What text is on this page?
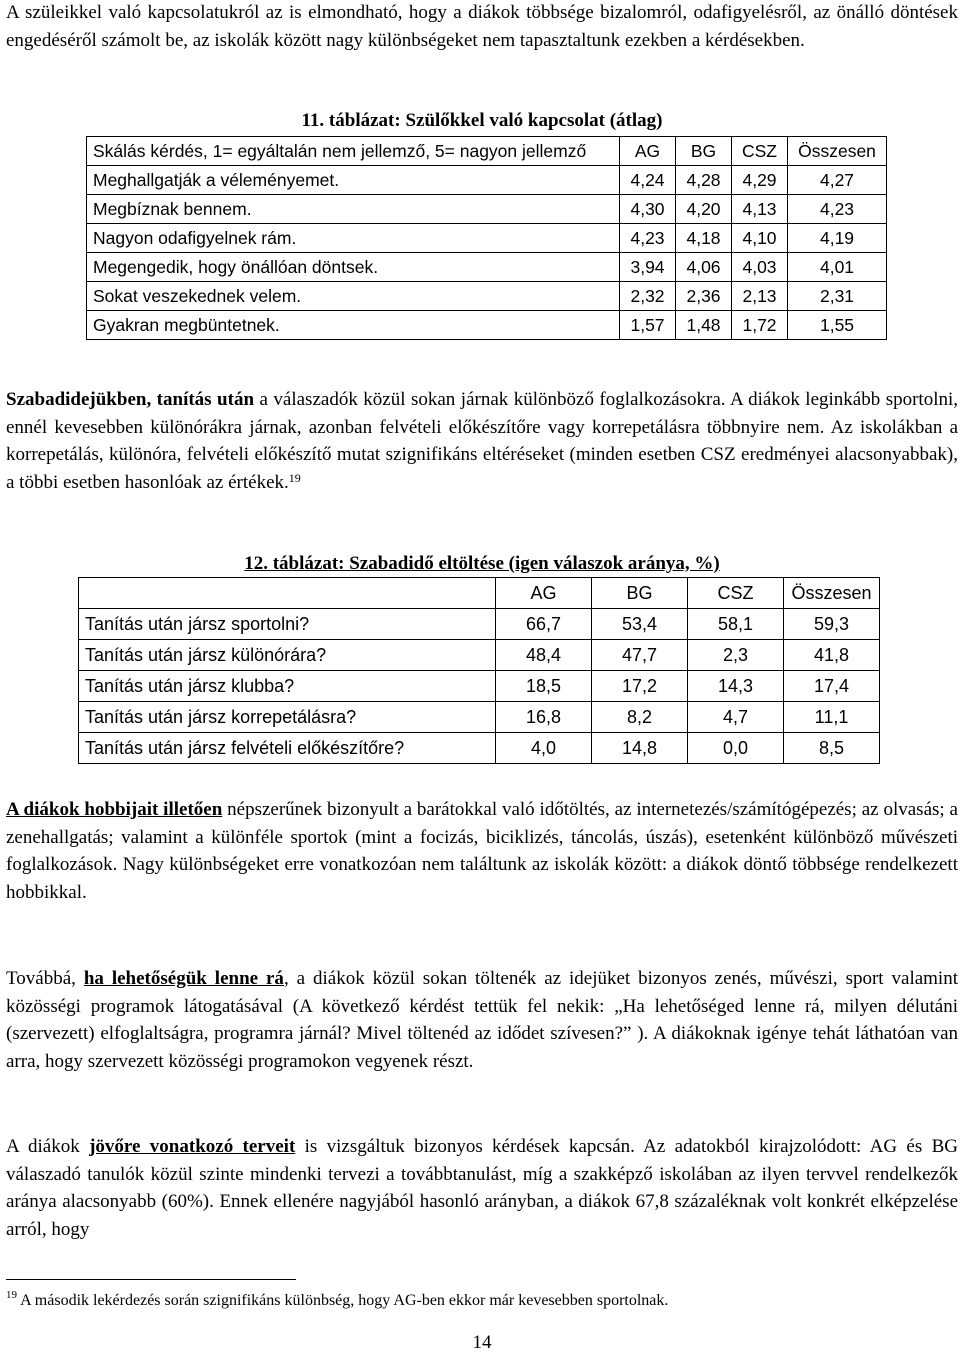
A szüleikkel való kapcsolatukról az is elmondható, hogy a diákok többsége bizalomról, odafigyelésről, az önálló döntések engedéséről számolt be, az iskolák között nagy különbségeket nem tapasztaltunk ezekben a kérdésekben.

11. táblázat: Szülőkkel való kapcsolat (átlag)
Skálás kérdés, 1= egyáltalán nem jellemző, 5= nagyon jellemző	AG	BG	CSZ	Összesen
Meghallgatják a véleményemet.	4,24	4,28	4,29	4,27
Megbíznak bennem.	4,30	4,20	4,13	4,23
Nagyon odafigyelnek rám.	4,23	4,18	4,10	4,19
Megengedik, hogy önállóan döntsek.	3,94	4,06	4,03	4,01
Sokat veszekednek velem.	2,32	2,36	2,13	2,31
Gyakran megbüntetnek.	1,57	1,48	1,72	1,55

Szabadidejükben, tanítás után a válaszadók közül sokan járnak különböző foglalkozásokra. A diákok leginkább sportolni, ennél kevesebben különórákra járnak, azonban felvételi előkészítőre vagy korrepetálásra többnyire nem. Az iskolákban a korrepetálás, különóra, felvételi előkészítő mutat szignifikáns eltéréseket (minden esetben CSZ eredményei alacsonyabbak), a többi esetben hasonlóak az értékek.$^{19}$

12. táblázat: Szabadidő eltöltése (igen válaszok aránya, %)
	AG	BG	CSZ	Összesen
Tanítás után jársz sportolni?	66,7	53,4	58,1	59,3
Tanítás után jársz különórára?	48,4	47,7	2,3	41,8
Tanítás után jársz klubba?	18,5	17,2	14,3	17,4
Tanítás után jársz korrepetálásra?	16,8	8,2	4,7	11,1
Tanítás után jársz felvételi előkészítőre?	4,0	14,8	0,0	8,5

A diákok hobbijait illetően népszerűnek bizonyult a barátokkal való időtöltés, az internetezés/számítógépezés; az olvasás; a zenehallgatás; valamint a különféle sportok (mint a focizás, biciklizés, táncolás, úszás), esetenként különböző művészeti foglalkozások. Nagy különbségeket erre vonatkozóan nem találtunk az iskolák között: a diákok döntő többsége rendelkezett hobbikkal.

Továbbá, ha lehetőségük lenne rá, a diákok közül sokan töltenék az idejüket bizonyos zenés, művészi, sport valamint közösségi programok látogatásával (A következő kérdést tettük fel nekik: „Ha lehetőséged lenne rá, milyen délutáni (szervezett) elfoglaltságra, programra járnál? Mivel töltenéd az idődet szívesen?” ). A diákoknak igénye tehát láthatóan van arra, hogy szervezett közösségi programokon vegyenek részt.

A diákok jövőre vonatkozó terveit is vizsgáltuk bizonyos kérdések kapcsán. Az adatokból kirajzolódott: AG és BG válaszadó tanulók közül szinte mindenki tervezi a továbbtanulást, míg a szakképző iskolában az ilyen tervvel rendelkezők aránya alacsonyabb (60%). Ennek ellenére nagyjából hasonló arányban, a diákok 67,8 százaléknak volt konkrét elképzelése arról, hogy

$^{19}$ A második lekérdezés során szignifikáns különbség, hogy AG-ben ekkor már kevesebben sportolnak.
14
